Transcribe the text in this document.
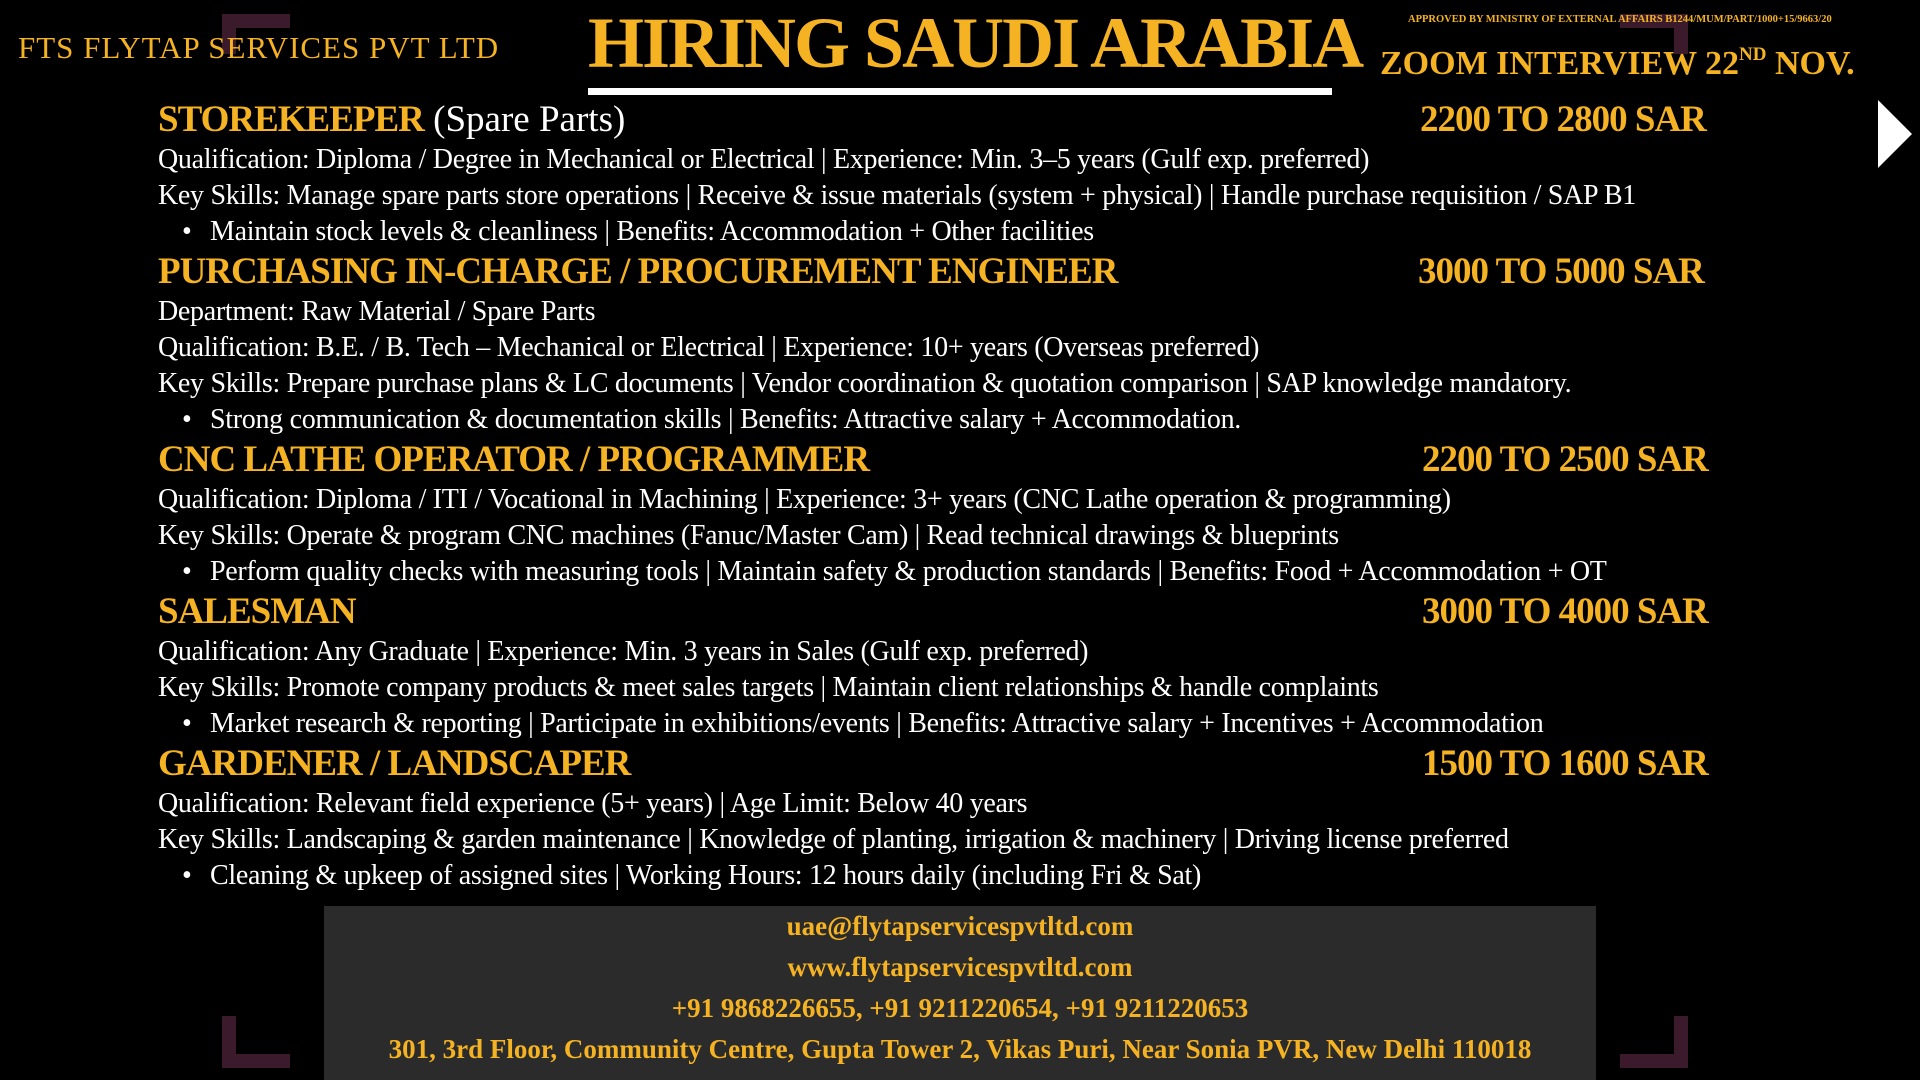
FTS FLYTAP SERVICES PVT LTD HIRING SAUDI ARABIA	APPROVED BY MINISTRY OF EXTERNAL AFFAIRS B1244/MUM/PART/1000+15/9663/20
ZOOM INTERVIEW 22ND NOV.
STOREKEEPER (Spare Parts)	2200 TO 2800 SAR
Qualification: Diploma / Degree in Mechanical or Electrical | Experience: Min. 3–5 years (Gulf exp. preferred)
Key Skills: Manage spare parts store operations | Receive & issue materials (system + physical) | Handle purchase requisition / SAP B1
• Maintain stock levels & cleanliness | Benefits: Accommodation + Other facilities
PURCHASING IN-CHARGE / PROCUREMENT ENGINEER	3000 TO 5000 SAR
Department: Raw Material / Spare Parts
Qualification: B.E. / B. Tech – Mechanical or Electrical | Experience: 10+ years (Overseas preferred)
Key Skills: Prepare purchase plans & LC documents | Vendor coordination & quotation comparison | SAP knowledge mandatory.
• Strong communication & documentation skills | Benefits: Attractive salary + Accommodation.
CNC LATHE OPERATOR / PROGRAMMER	2200 TO 2500 SAR
Qualification: Diploma / ITI / Vocational in Machining | Experience: 3+ years (CNC Lathe operation & programming)
Key Skills: Operate & program CNC machines (Fanuc/Master Cam) | Read technical drawings & blueprints
• Perform quality checks with measuring tools | Maintain safety & production standards | Benefits: Food + Accommodation + OT
SALESMAN	3000 TO 4000 SAR
Qualification: Any Graduate | Experience: Min. 3 years in Sales (Gulf exp. preferred)
Key Skills: Promote company products & meet sales targets | Maintain client relationships & handle complaints
• Market research & reporting | Participate in exhibitions/events | Benefits: Attractive salary + Incentives + Accommodation
GARDENER / LANDSCAPER	1500 TO 1600 SAR
Qualification: Relevant field experience (5+ years) | Age Limit: Below 40 years
Key Skills: Landscaping & garden maintenance | Knowledge of planting, irrigation & machinery | Driving license preferred
• Cleaning & upkeep of assigned sites | Working Hours: 12 hours daily (including Fri & Sat)
uae@flytapservicespvtltd.com
www.flytapservicespvtltd.com
+91 9868226655, +91 9211220654, +91 9211220653
301, 3rd Floor, Community Centre, Gupta Tower 2, Vikas Puri, Near Sonia PVR, New Delhi 110018
